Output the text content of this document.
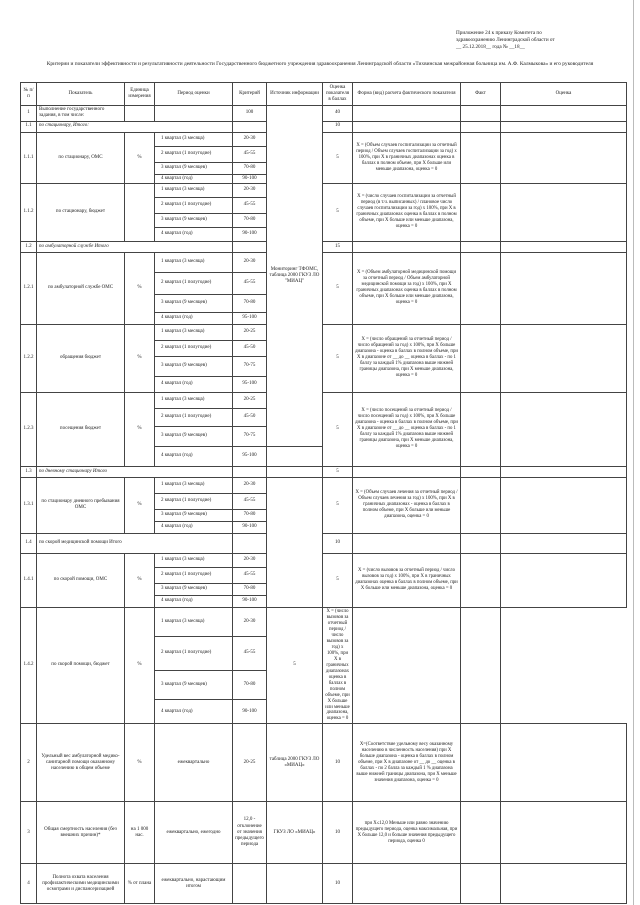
Приложение 24 к приказу Комитета по
здравоохранению Ленинградской области от
__ 25.12.2018__ года № __18__
Критерии и показатели эффективности и результативности деятельности Государственного бюджетного учреждения здравоохранения Ленинградской области «Тихвинская межрайонная больница им. А.Ф. Калмыкова» и его руководителя
№ п/п	Показатель	Единица измерения	Период оценки	Критерий	Источник информации	Оценка показателя в баллах	Форма (вид) расчета фактического показателя	Факт	Оценка
1	Выполнение государственного задания, в том числе:			100	Мониторинг ТФОМС, таблица 2000 ГКУЗ ЛО "МИАЦ"	40			
1.1	по стационару, Итого:					10			
1.1.1	по стационару, ОМС	%	1 квартал (3 месяца)	20-30		5	X = (Объем случаев госпитализации за отчетный период / Объем случаев госпитализации за год) х 100%, при X в граничных диапазонах оценка в баллах в полном объеме, при X больше или меньше диапазона, оценка = 0		
			2 квартал (1 полугодие)	45-55					
			3 квартал (9 месяцев)	70-80					
			4 квартал (год)	90-100					
1.1.2	по стационару, бюджет		1 квартал (3 месяца)	20-30		5	X = (число случаев госпитализации за отчетный период (в т.ч. выписанных) / плановое число случаев госпитализации за год) х 100%, при X в граничных диапазонах оценка в баллах в полном объеме, при X больше или меньше диапазона, оценка = 0		
			2 квартал (1 полугодие)	45-55					
			3 квартал (9 месяцев)	70-80					
			4 квартал (год)	90-100					
1.2	по амбулаторной службе Итого					15			
1.2.1	по амбулаторной службе ОМС	%	1 квартал (3 месяца)	20-30		5	X = (Объем амбулаторной медицинской помощи за отчетный период / Объем амбулаторной медицинской помощи за год) х 100%, при X граничных диапазонах оценка в баллах в полном объеме, при X больше или меньше диапазона, оценка = 0		
			2 квартал (1 полугодие)	45-55					
			3 квартал (9 месяцев)	70-80					
			4 квартал (год)	95-100					
1.2.2	обращения бюджет	%	1 квартал (3 месяца)	20-25		5	X = (число обращений за отчетный период / число обращений за год) х 100%, при X больше диапазона - оценка в баллах в полном объеме, при X в диапазоне от __ до __ оценка в баллах - по 1 баллу за каждый 1% диапазона выше нижней границы диапазона, при X меньше диапазона, оценка = 0		
			2 квартал (1 полугодие)	45-50					
			3 квартал (9 месяцев)	70-75					
			4 квартал (год)	95-100					
1.2.3	посещения бюджет	%	1 квартал (3 месяца)	20-25		5	X = (число посещений за отчетный период / число посещений за год) х 100%, при X больше диапазона - оценка в баллах в полном объеме, при X в диапазоне от __ до __ оценка в баллах - по 1 баллу за каждый 1% диапазона выше нижней границы диапазона, при X меньше диапазона, оценка = 0		
			2 квартал (1 полугодие)	45-50					
			3 квартал (9 месяцев)	70-75					
			4 квартал (год)	95-100					
1.3	по дневному стационару Итого					5			
1.3.1	по стационару дневного пребывания ОМС	%	1 квартал (3 месяца)	20-30		5	X = (Объем случаев лечения за отчетный период / Объем случаев лечения за год) х 100%, при X в граничных диапазонах - оценка в баллах в полном объеме, при X больше или меньше диапазона, оценка = 0		
			2 квартал (1 полугодие)	45-55					
			3 квартал (9 месяцев)	70-80					
			4 квартал (год)	90-100					
1.4	по скорой медицинской помощи Итого					10			
1.4.1	по скорой помощи, ОМС	%	1 квартал (3 месяца)	20-30		5	X = (число вызовов за отчетный период / число вызовов за год) х 100%, при X в граничных диапазонах оценка в баллах в полном объеме, при X больше или меньше диапазона, оценка = 0		
			2 квартал (1 полугодие)	45-55					
			3 квартал (9 месяцев)	70-80					
			4 квартал (год)	90-100					
1.4.2	по скорой помощи, бюджет	%	1 квартал (3 месяца)	20-30	5	X = (число вызовов за отчетный период / число вызовов за год) х 100%, при X в граничных диапазонах оценка в баллах в полном объеме, при X больше или меньше диапазона, оценка = 0			
			2 квартал (1 полугодие)	45-55					
			3 квартал (9 месяцев)	70-80					
			4 квартал (год)	90-100					
2	Удельный вес амбулаторной медико-санитарной помощи оказанному населению в общем объеме	%	ежеквартально	20-25	таблица 2000 ГКУЗ ЛО «МИАЦ»	10	X=(Соответствие удельному весу оказанному населению в численность населения) при X больше диапазона - оценка в баллах в полном объеме, при X в диапазоне от __ до __ оценка в баллах - по 2 балла за каждый 1 % диапазона выше нижней границы диапазона, при X меньше значения диапазона, оценка = 0		
3	Общая смертность населения (без внешних причин)*	на 1 000 нас.	ежеквартально, ежегодно	12,0 - отклонение от значения предыдущего периода	ГКУЗ ЛО «МИАЦ»	10	при X≤12,0 Меньше или равно значению предыдущего периода, оценка максимальная, при X больше 12,0 и больше значения предыдущего периода, оценка 0		
4	Полнота охвата населения профилактическими медицинскими осмотрами и диспансеризацией	% от плана	ежеквартально, нарастающим итогом			10			
